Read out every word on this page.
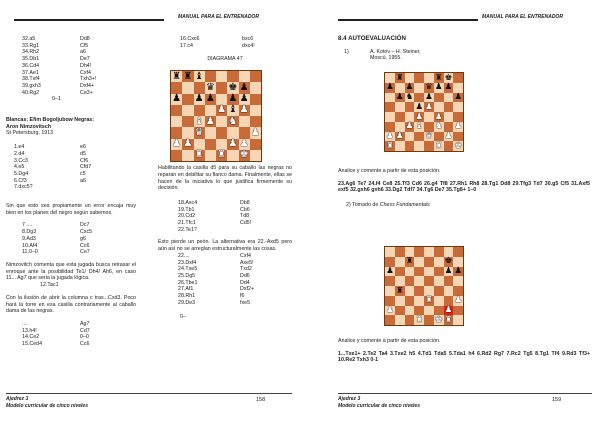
MANUAL PARA EL ENTRENADOR
32.a5	Dd8
33.Rg1	Cf5
34.Rh2	a6
35.Db1	De7
36.Cd4	Dh4!
37.Ae1	Cxf4
38.Txf4	Txh3+!
39.gxh3	Dxf4+
40.Rg2	Ce3+
0–1
Blancas: Efim Bogoljubow Negras:
Aron Nimzovitsch
St Petersburg, 1913
1.e4	e6
2.d4	d5
3.Cc3	Cf6
4.e5	Cfd7
5.Dg4	c5
6.Cf3	a6
7.dxc5?
Sin que esto sea propiamente un error encaja muy bien en los planes del negro según sabemos.
7 ....	Dc7
8.Dg3	Cxc5
9.Ad3	g6
10.Af4	Cc6
11.0–0	Ce7
Nimzovitch comenta que esta jugada busca retrasar el enroque ante la posibilidad Te1/ Dh4/ Ah6, en caso 11... Ag7 que seria la jugada lógica.
12.Tac1
Con la ilusión de abrir la columna c tras...Cxd3. Poco hará la torre en esa casilla contrariamente al caballo dama de las negras.
....	Ag7
13.h4!	Cd7
14.Ce2	0–0
15.Ced4	Cc6
16.Cxc6	bxc6
17.c4	dxc4!
DIAGRAMA 47
Habilitando la casilla d5 para su caballo las negras no reparan en debilitar su flanco dama. Finalmente, ellas se hacen de la iniciativa lo que justifica firmemente su decisión.
18.Axc4	Db8
19.Tb1	Cb6
20.Cd2	Td8
21.Tfc1	Cd5!
22.Te1?
Esto pierde un peón. La alternativa era 22.-Axd5 pero aún así no se arreglan estructuralmente las cosas.
22....	Cxf4
23.Dxf4	Axe5!
24.Txe5	Txd2
25.Dg5	Dd6
26.Tbe1	Dd4
27.Af1	Dxf2+
28.Rh1	f6
29.De3	fxe5
0–
♜ ♜ ♝
♛ ♚ ♟
♟ ♟ ♟ ♟ ♟
♟ ♝ ♟
♝ ♟ ♞
♛	♟
♟ ♟	♟ ♟
♜ ♜ ♚
Ajedrez 3
Modelo curricular de cinco niveles
158
MANUAL PARA EL ENTRENADOR
8.4 AUTOEVALUACIÓN
1)	A. Kotov – H. Steiner,
Moscú, 1955.
♜	♜ ♚
♟ ♟ ♛ ♟ ♟
♟ ♞ ♟	♟
♟ ♟
♟ ♟
♟ ♝ ♞ ♟
♟ ♟	♛ ♟
♜	♜ ♚
Analice y comente a partir de esta posición.
23.Ag6 Te7 24.f4 Ce8 25.Tf3 Cd6 26.g4 Tf8 27.Rh1 Rh8 28.Tg1 Dd8 29.Tfg3 Td7 30.g5 Cf5 31.Axf5 exf5 32.gxh6 gxh6 33.Dg2 Tdf7 34.Tg6 De7 35.Tg8+ 1–0
2) Tomado de Chess Fundamentals
♜	♚
♟	♟ ♟
♜
♜	♟
♟	♟
♜ ♚ ♜
Analice y comente a partir de esta posición.
1...Txe1+ 2.Te2 Ta4 3.Txe2 h5 4.Td1 Tda5 5.Tda1 h4 6.Rd2 Rg7 7.Rc2 Tg5 8.Tg1 Tf4 9.Rd3 Tf3+ 10.Re2 Txh3 0-1
Ajedrez 3
Modelo curricular de cinco niveles
159
